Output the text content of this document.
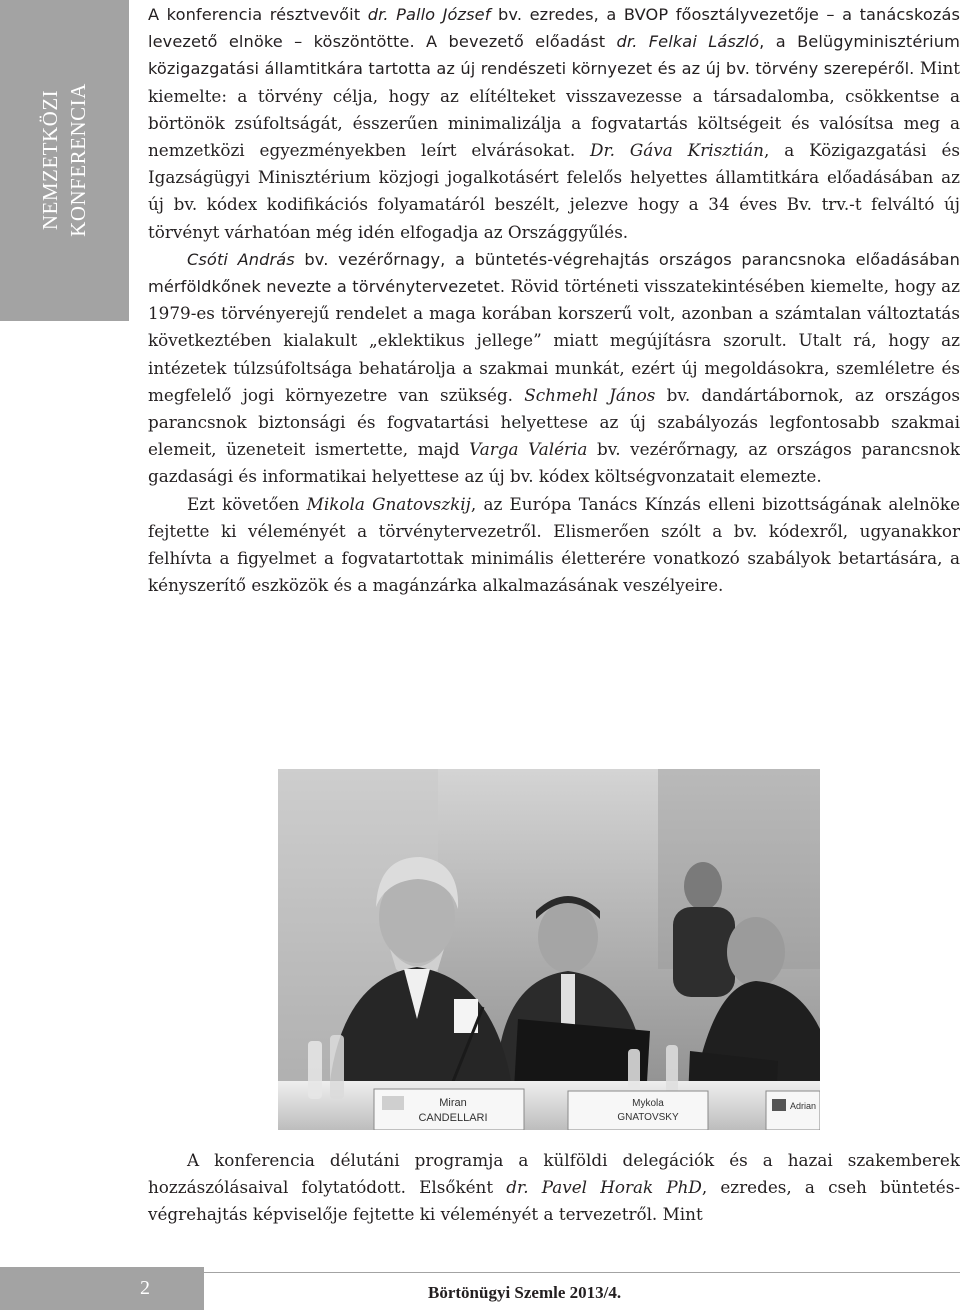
NEMZETKÖZI KONFERENCIA

A konferencia résztvevőit dr. Pallo József bv. ezredes, a BVOP főosztályvezetője – a tanácskozás levezető elnöke – köszöntötte. A bevezető előadást dr. Felkai László, a Belügyminisztérium közigazgatási államtitkára tartotta az új rendészeti környezet és az új bv. törvény szerepéről. Mint kiemelte: a törvény célja, hogy az elítélteket visszavezesse a társadalomba, csökkentse a börtönök zsúfoltságát, ésszerűen minimalizálja a fogvatartás költségeit és valósítsa meg a nemzetközi egyezményekben leírt elvárásokat. Dr. Gáva Krisztián, a Közigazgatási és Igazságügyi Minisztérium közjogi jogalkotásért felelős helyettes államtitkára előadásában az új bv. kódex kodifikációs folyamatáról beszélt, jelezve hogy a 34 éves Bv. trv.-t felváltó új törvényt várhatóan még idén elfogadja az Országgyűlés.

Csóti András bv. vezérőrnagy, a büntetés-végrehajtás országos parancsnoka előadásában mérföldkőnek nevezte a törvénytervezetet. Rövid történeti visszatekintésében kiemelte, hogy az 1979-es törvényerejű rendelet a maga korában korszerű volt, azonban a számtalan változtatás következtében kialakult „eklektikus jellege” miatt megújításra szorult. Utalt rá, hogy az intézetek túlzsúfoltsága behatárolja a szakmai munkát, ezért új megoldásokra, szemléletre és megfelelő jogi környezetre van szükség. Schmehl János bv. dandártábornok, az országos parancsnok biztonsági és fogvatartási helyettese az új szabályozás legfontosabb szakmai elemeit, üzeneteit ismertette, majd Varga Valéria bv. vezérőrnagy, az országos parancsnok gazdasági és informatikai helyettese az új bv. kódex költségvonzatait elemezte.

Ezt követően Mikola Gnatovszkij, az Európa Tanács Kínzás elleni bizottságának alelnöke fejtette ki véleményét a törvénytervezetről. Elismerően szólt a bv. kódexről, ugyanakkor felhívta a figyelmet a fogvatartottak minimális életterére vonatkozó szabályok betartására, a kényszerítő eszközök és a magánzárka alkalmazásának veszélyeire.

Miran
CANDELLARI
Mykola
GNATOVSKY
Adrian

A konferencia délutáni programja a külföldi delegációk és a hazai szakemberek hozzászólásaival folytatódott. Elsőként dr. Pavel Horak PhD, ezredes, a cseh büntetés-végrehajtás képviselője fejtette ki véleményét a tervezetről. Mint

2	Börtönügyi Szemle 2013/4.
